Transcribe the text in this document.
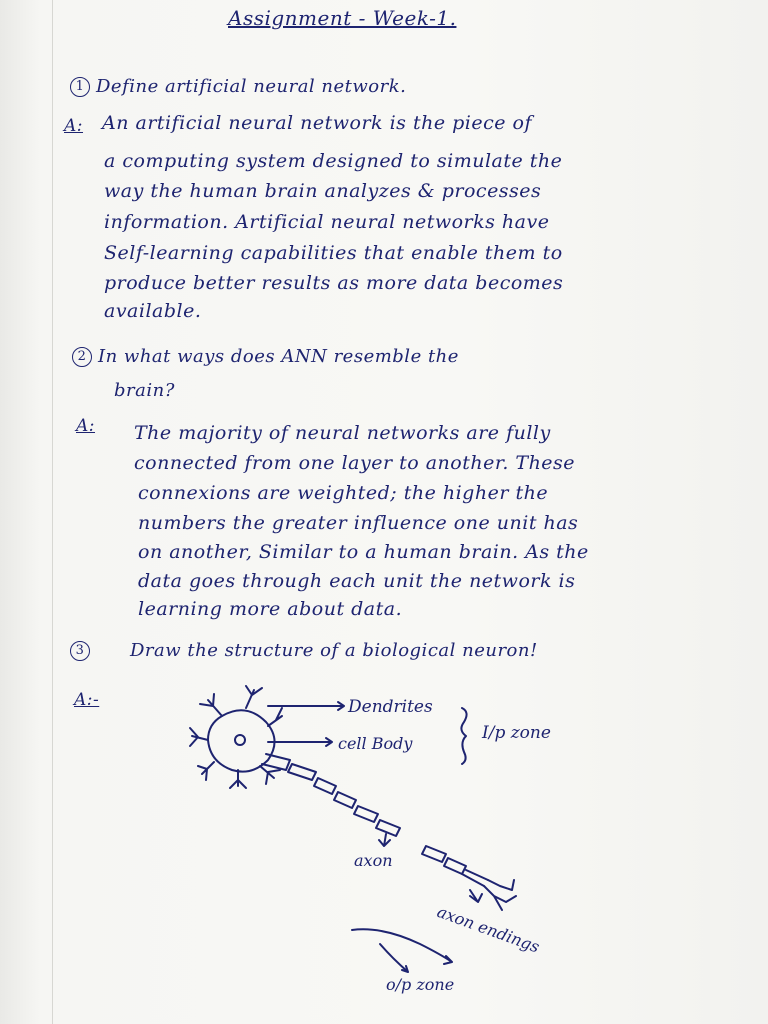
Assignment - Week-1.
1 Define artificial neural network.
A: An artificial neural network is the piece of
a computing system designed to simulate the
way the human brain analyzes & processes
information. Artificial neural networks have
Self-learning capabilities that enable them to
produce better results as more data becomes
available.
2 In what ways does ANN resemble the
brain?
A: The majority of neural networks are fully
connected from one layer to another. These
connexions are weighted; the higher the
numbers the greater influence one unit has
on another, Similar to a human brain. As the
data goes through each unit the network is
learning more about data.
3	Draw the structure of a biological neuron!
A:-	Dendrites
cell Body
I/p zone
axon
axon endings
o/p zone
